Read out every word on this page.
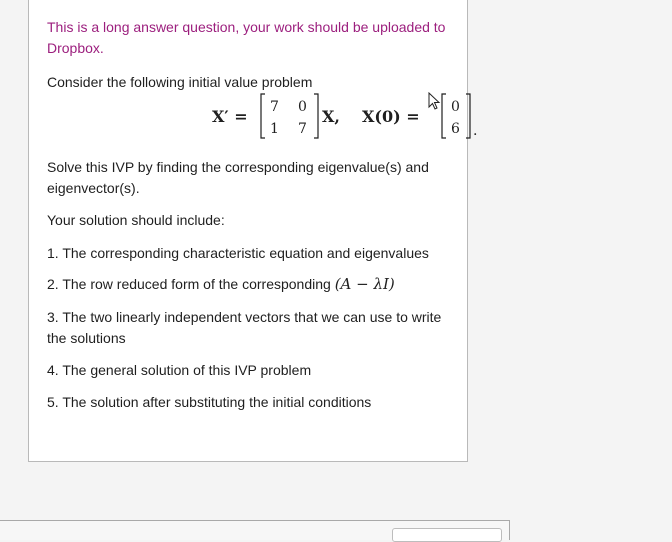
This is a long answer question, your work should be uploaded to Dropbox.
Consider the following initial value problem
X′ = 7 0
1 7
X, X(0) = 0
6 .
Solve this IVP by finding the corresponding eigenvalue(s) and eigenvector(s).
Your solution should include:
1. The corresponding characteristic equation and eigenvalues
2. The row reduced form of the corresponding (A − λI)
3. The two linearly independent vectors that we can use to write the solutions
4. The general solution of this IVP problem
5. The solution after substituting the initial conditions
